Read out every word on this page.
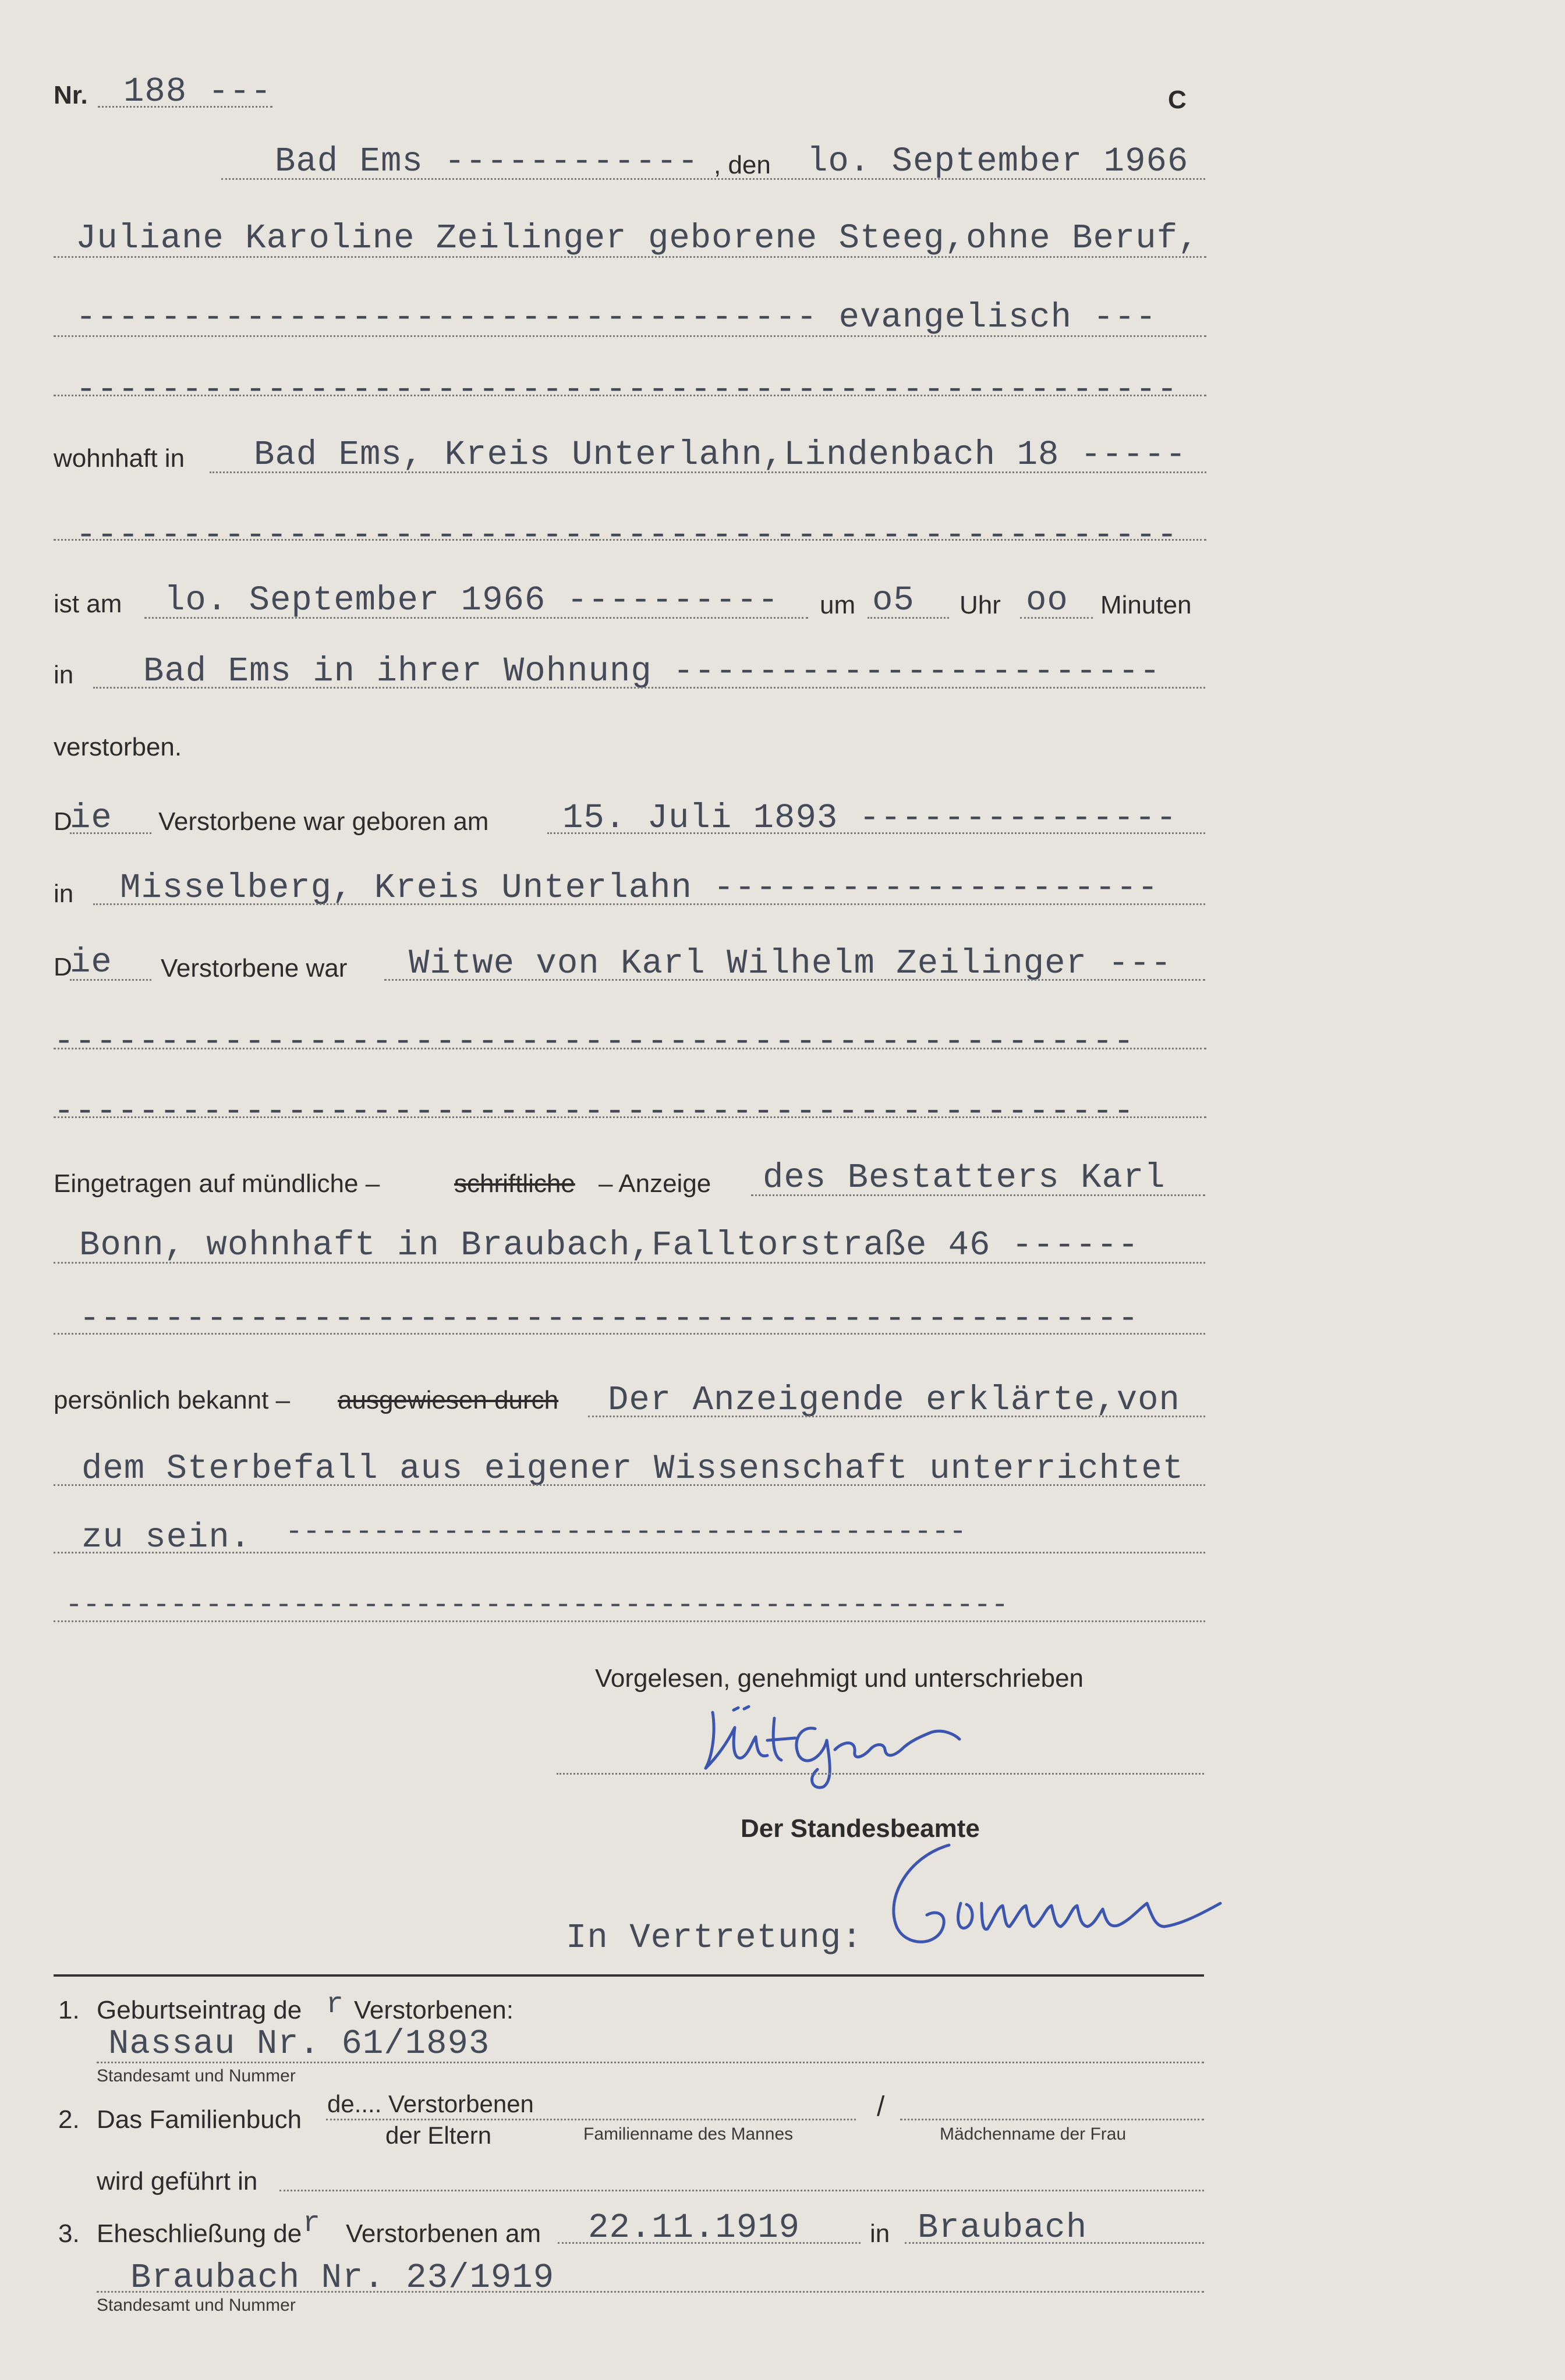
Nr. 188 ---	C
Bad Ems ------------ , den lo. September 1966
Juliane Karoline Zeilinger geborene Steeg,ohne Beruf,
----------------------------------- evangelisch ---
----------------------------------------------------
wohnhaft in Bad Ems, Kreis Unterlahn,Lindenbach 18 -----
----------------------------------------------------
ist am lo. September 1966 ---------- um o5 Uhr oo Minuten
in Bad Ems in ihrer Wohnung -----------------------
verstorben.
D
ie Verstorbene war geboren am 15. Juli 1893 ---------------
in Misselberg, Kreis Unterlahn ---------------------
D
ie Verstorbene war Witwe von Karl Wilhelm Zeilinger ---
---------------------------------------------------
---------------------------------------------------
Eingetragen auf mündliche –	schriftliche – Anzeige des Bestatters Karl
Bonn, wohnhaft in Braubach,Falltorstraße 46 ------
--------------------------------------------------
persönlich bekannt – ausgewiesen durch Der Anzeigende erklärte,von
dem Sterbefall aus eigener Wissenschaft unterrichtet
zu sein. ---------------------------------------
------------------------------------------------------
Vorgelesen, genehmigt und unterschrieben
Der Standesbeamte
In Vertretung:
1. Geburtseintrag de r Verstorbenen:
Nassau Nr. 61/1893
Standesamt und Nummer
2. Das Familienbuch
de.... Verstorbenen	/
der Eltern	Familienname des Mannes	Mädchenname der Frau
wird geführt in
3. Eheschließung de r Verstorbenen am 22.11.1919	in Braubach
Braubach Nr. 23/1919
Standesamt und Nummer
